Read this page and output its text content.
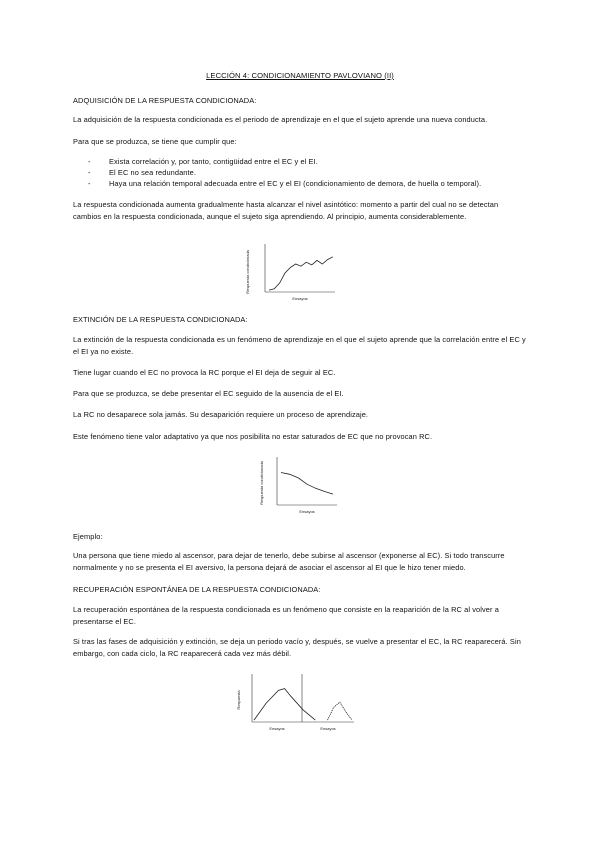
LECCIÓN 4: CONDICIONAMIENTO PAVLOVIANO (II)

ADQUISICIÓN DE LA RESPUESTA CONDICIONADA:

La adquisición de la respuesta condicionada es el periodo de aprendizaje en el que el sujeto aprende una nueva conducta.

Para que se produzca, se tiene que cumplir que:

- Exista correlación y, por tanto, contigüidad entre el EC y el EI.

- El EC no sea redundante.

- Haya una relación temporal adecuada entre el EC y el EI (condicionamiento de demora, de huella o temporal).

La respuesta condicionada aumenta gradualmente hasta alcanzar el nivel asintótico: momento a partir del cual no se detectan cambios en la respuesta condicionada, aunque el sujeto siga aprendiendo. Al principio, aumenta considerablemente.

Respuesta condicionada
Ensayos

EXTINCIÓN DE LA RESPUESTA CONDICIONADA:

La extinción de la respuesta condicionada es un fenómeno de aprendizaje en el que el sujeto aprende que la correlación entre el EC y el EI ya no existe.

Tiene lugar cuando el EC no provoca la RC porque el EI deja de seguir al EC.

Para que se produzca, se debe presentar el EC seguido de la ausencia de el EI.

La RC no desaparece sola jamás. Su desaparición requiere un proceso de aprendizaje.

Este fenómeno tiene valor adaptativo ya que nos posibilita no estar saturados de EC que no provocan RC.

Respuesta condicionada
Ensayos

Ejemplo:

Una persona que tiene miedo al ascensor, para dejar de tenerlo, debe subirse al ascensor (exponerse al EC). Si todo transcurre normalmente y no se presenta el EI aversivo, la persona dejará de asociar el ascensor al EI que le hizo tener miedo.

RECUPERACIÓN ESPONTÁNEA DE LA RESPUESTA CONDICIONADA:

La recuperación espontánea de la respuesta condicionada es un fenómeno que consiste en la reaparición de la RC al volver a presentarse el EC.

Si tras las fases de adquisición y extinción, se deja un periodo vacío y, después, se vuelve a presentar el EC, la RC reaparecerá. Sin embargo, con cada ciclo, la RC reaparecerá cada vez más débil.

Respuesta
Ensayos	Ensayos
